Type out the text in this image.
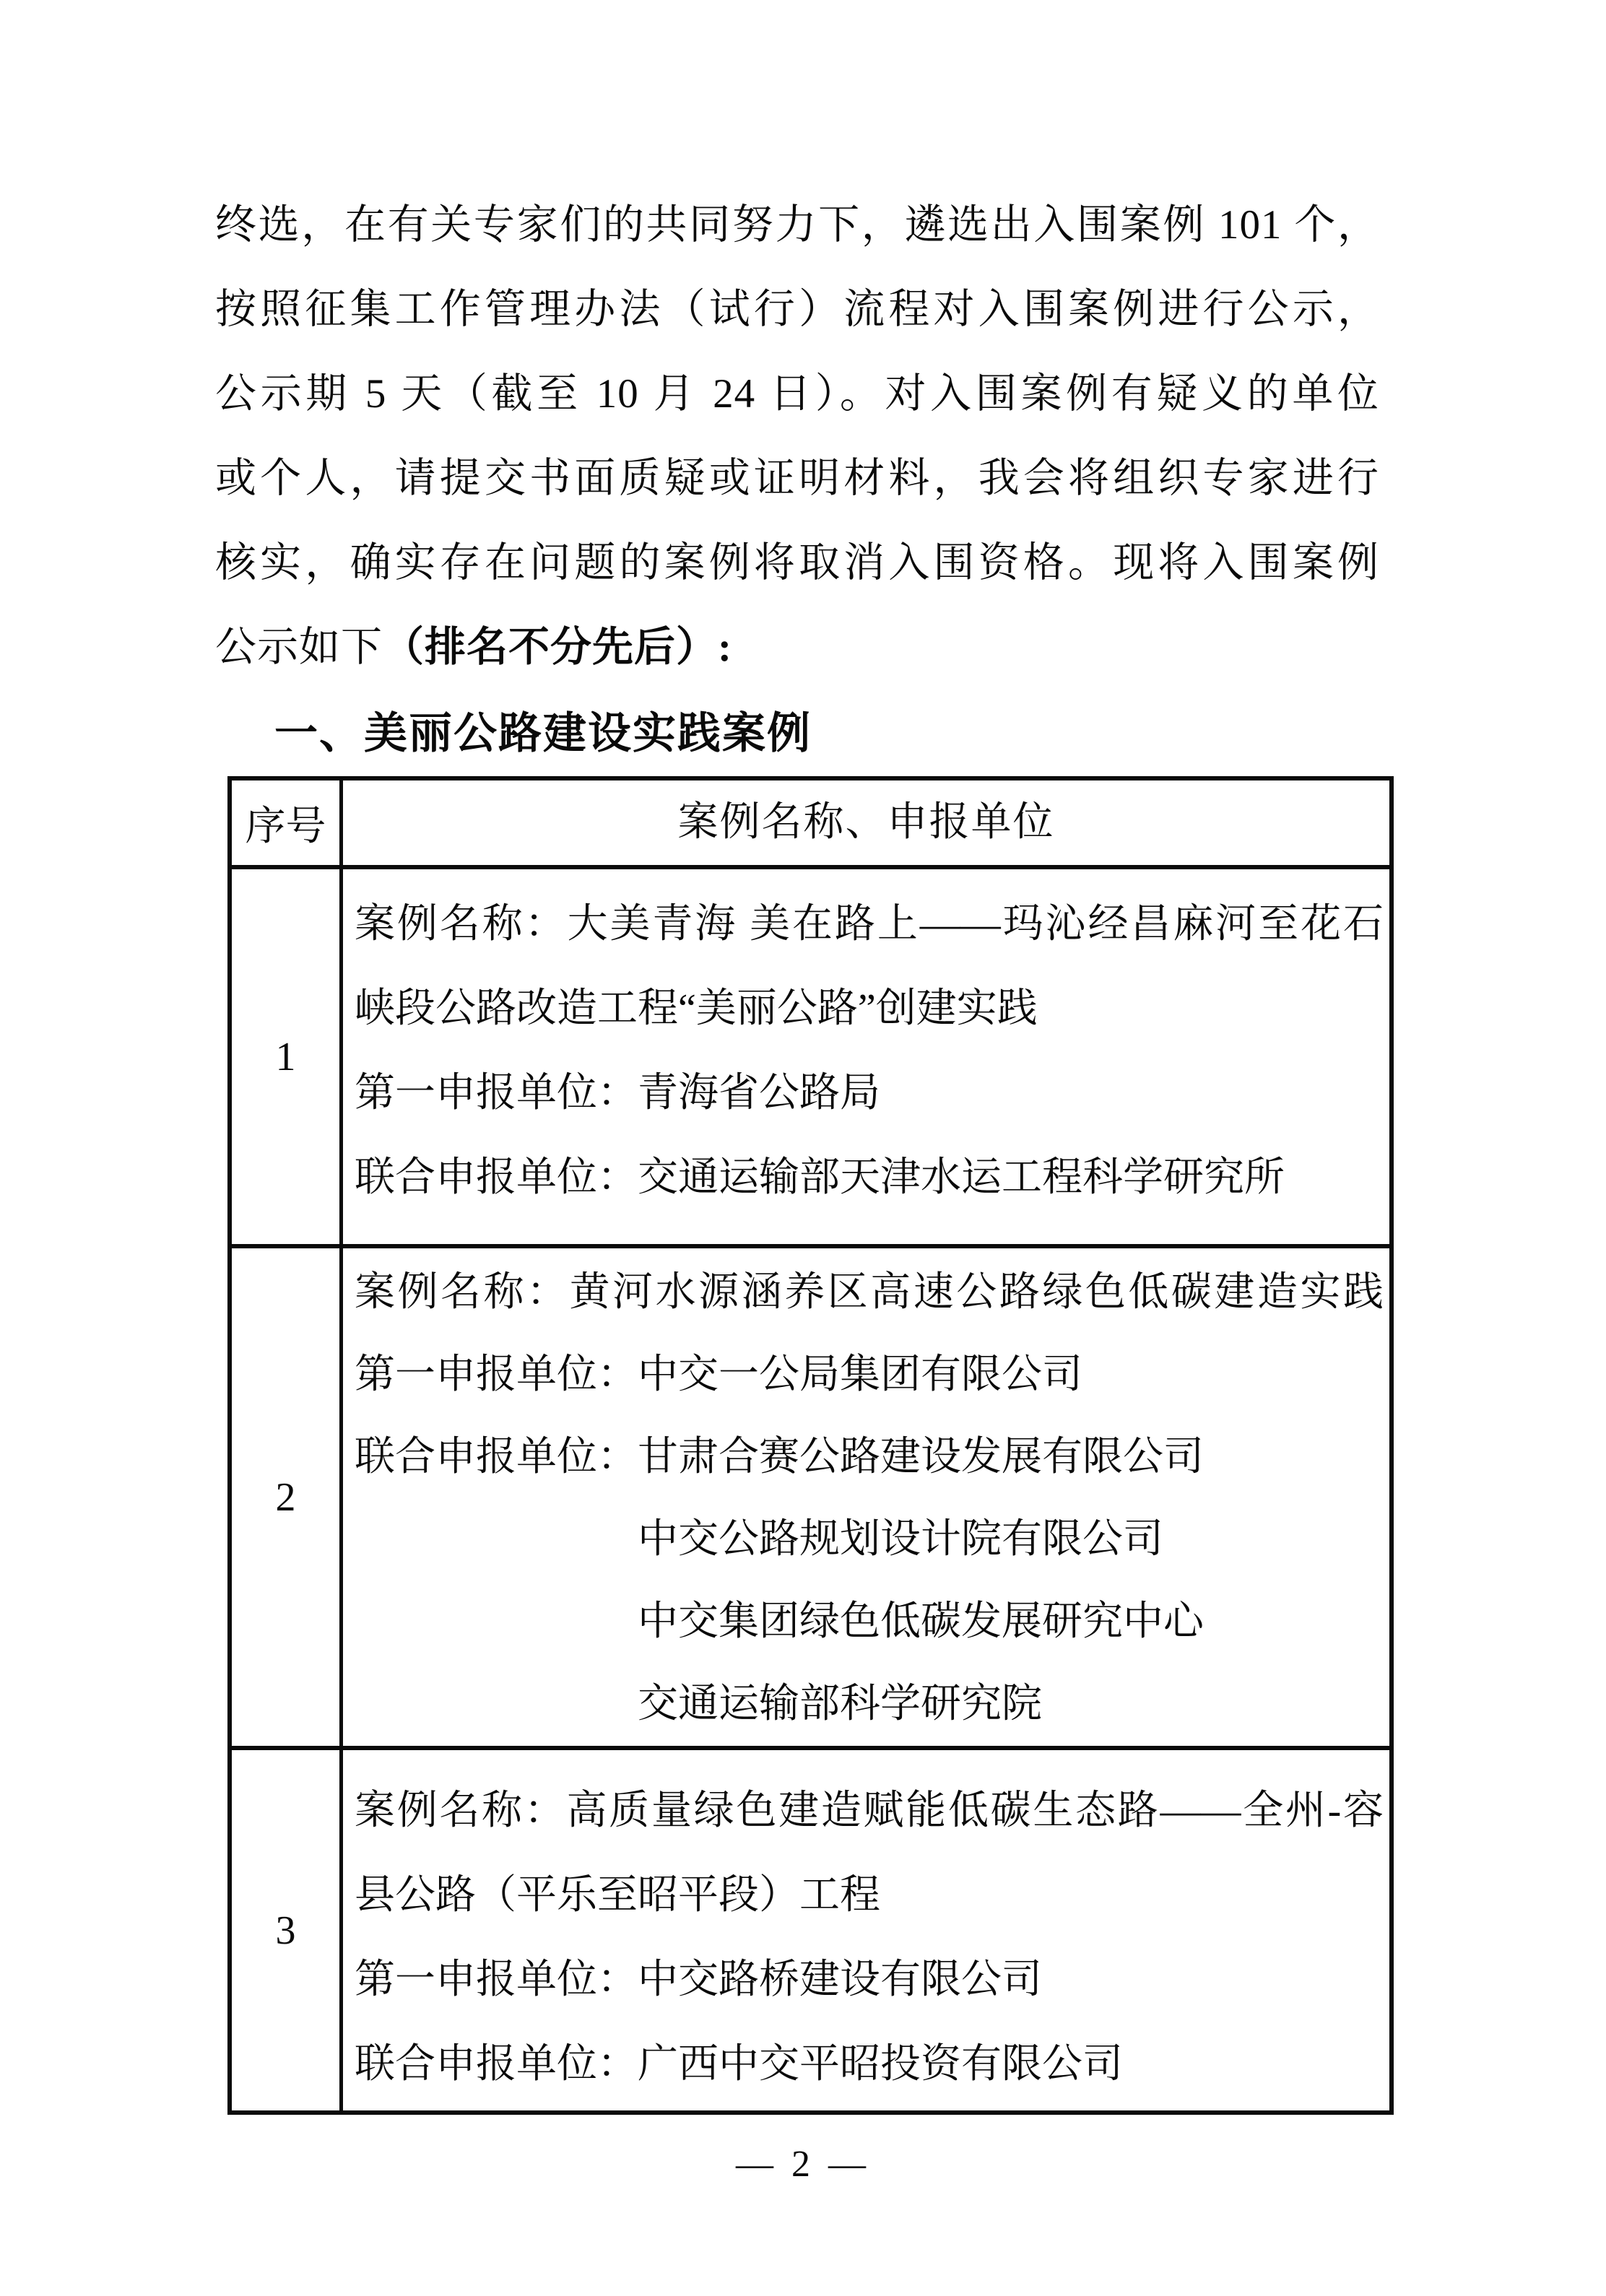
终选，在有关专家们的共同努力下，遴选出入围案例 101 个，
按照征集工作管理办法（试行）流程对入围案例进行公示，
公示期 5 天（截至 10 月 24 日）。对入围案例有疑义的单位
或个人，请提交书面质疑或证明材料，我会将组织专家进行
核实，确实存在问题的案例将取消入围资格。现将入围案例
公示如下（排名不分先后）:
一、美丽公路建设实践案例
序号	案例名称、申报单位
1
案例名称：大美青海 美在路上——玛沁经昌麻河至花石
峡段公路改造工程“美丽公路”创建实践
第一申报单位：青海省公路局
联合申报单位：交通运输部天津水运工程科学研究所
2
案例名称：黄河水源涵养区高速公路绿色低碳建造实践
第一申报单位：中交一公局集团有限公司
联合申报单位：甘肃合赛公路建设发展有限公司
中交公路规划设计院有限公司
中交集团绿色低碳发展研究中心
交通运输部科学研究院
3
案例名称：高质量绿色建造赋能低碳生态路——全州-容
县公路（平乐至昭平段）工程
第一申报单位：中交路桥建设有限公司
联合申报单位：广西中交平昭投资有限公司
— 2 —
